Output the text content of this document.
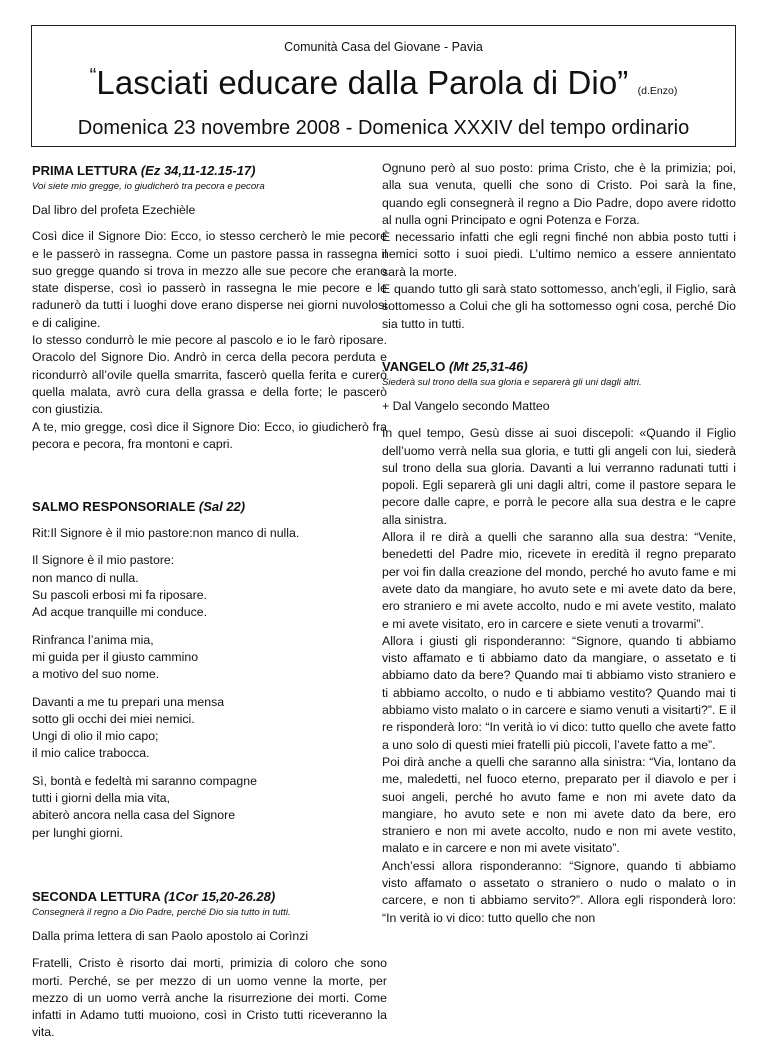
Comunità Casa del Giovane - Pavia
“Lasciati educare dalla Parola di Dio” (d.Enzo)
Domenica 23 novembre 2008 - Domenica XXXIV del tempo ordinario
PRIMA LETTURA (Ez 34,11-12.15-17)

Voi siete mio gregge, io giudicherò tra pecora e pecora

Dal libro del profeta Ezechièle

Così dice il Signore Dio: Ecco, io stesso cercherò le mie pecore e le passerò in rassegna. Come un pastore passa in rassegna il suo gregge quando si trova in mezzo alle sue pecore che erano state disperse, così io passerò in rassegna le mie pecore e le radunerò da tutti i luoghi dove erano disperse nei giorni nuvolosi e di caligine.
Io stesso condurrò le mie pecore al pascolo e io le farò riposare. Oracolo del Signore Dio. Andrò in cerca della pecora perduta e ricondurrò all’ovile quella smarrita, fascerò quella ferita e curerò quella malata, avrò cura della grassa e della forte; le pascerò con giustizia.
A te, mio gregge, così dice il Signore Dio: Ecco, io giudicherò fra pecora e pecora, fra montoni e capri.

SALMO RESPONSORIALE (Sal 22)

Rit:Il Signore è il mio pastore:non manco di nulla.

Il Signore è il mio pastore:
non manco di nulla.
Su pascoli erbosi mi fa riposare.
Ad acque tranquille mi conduce.

Rinfranca l’anima mia,
mi guida per il giusto cammino
a motivo del suo nome.

Davanti a me tu prepari una mensa
sotto gli occhi dei miei nemici.
Ungi di olio il mio capo;
il mio calice trabocca.

Sì, bontà e fedeltà mi saranno compagne
tutti i giorni della mia vita,
abiterò ancora nella casa del Signore
per lunghi giorni.

SECONDA LETTURA (1Cor 15,20-26.28)

Consegnerà il regno a Dio Padre, perché Dio sia tutto in tutti.

Dalla prima lettera di san Paolo apostolo ai Corìnzi

Fratelli, Cristo è risorto dai morti, primizia di coloro che sono morti. Perché, se per mezzo di un uomo venne la morte, per mezzo di un uomo verrà anche la risurrezione dei morti. Come infatti in Adamo tutti muoiono, così in Cristo tutti riceveranno la vita.

Ognuno però al suo posto: prima Cristo, che è la primizia; poi, alla sua venuta, quelli che sono di Cristo. Poi sarà la fine, quando egli consegnerà il regno a Dio Padre, dopo avere ridotto al nulla ogni Principato e ogni Potenza e Forza.
È necessario infatti che egli regni finché non abbia posto tutti i nemici sotto i suoi piedi. L’ultimo nemico a essere annientato sarà la morte.
E quando tutto gli sarà stato sottomesso, anch’egli, il Figlio, sarà sottomesso a Colui che gli ha sottomesso ogni cosa, perché Dio sia tutto in tutti.

VANGELO (Mt 25,31-46)

Siederà sul trono della sua gloria e separerà gli uni dagli altri.

+ Dal Vangelo secondo Matteo

In quel tempo, Gesù disse ai suoi discepoli: «Quando il Figlio dell’uomo verrà nella sua gloria, e tutti gli angeli con lui, siederà sul trono della sua gloria. Davanti a lui verranno radunati tutti i popoli. Egli separerà gli uni dagli altri, come il pastore separa le pecore dalle capre, e porrà le pecore alla sua destra e le capre alla sinistra.
Allora il re dirà a quelli che saranno alla sua destra: “Venite, benedetti del Padre mio, ricevete in eredità il regno preparato per voi fin dalla creazione del mondo, perché ho avuto fame e mi avete dato da mangiare, ho avuto sete e mi avete dato da bere, ero straniero e mi avete accolto, nudo e mi avete vestito, malato e mi avete visitato, ero in carcere e siete venuti a trovarmi”.
Allora i giusti gli risponderanno: “Signore, quando ti abbiamo visto affamato e ti abbiamo dato da mangiare, o assetato e ti abbiamo dato da bere? Quando mai ti abbiamo visto straniero e ti abbiamo accolto, o nudo e ti abbiamo vestito? Quando mai ti abbiamo visto malato o in carcere e siamo venuti a visitarti?”. E il re risponderà loro: “In verità io vi dico: tutto quello che avete fatto a uno solo di questi miei fratelli più piccoli, l’avete fatto a me”.
Poi dirà anche a quelli che saranno alla sinistra: “Via, lontano da me, maledetti, nel fuoco eterno, preparato per il diavolo e per i suoi angeli, perché ho avuto fame e non mi avete dato da mangiare, ho avuto sete e non mi avete dato da bere, ero straniero e non mi avete accolto, nudo e non mi avete vestito, malato e in carcere e non mi avete visitato”.
Anch’essi allora risponderanno: “Signore, quando ti abbiamo visto affamato o assetato o straniero o nudo o malato o in carcere, e non ti abbiamo servito?”. Allora egli risponderà loro: “In verità io vi dico: tutto quello che non
